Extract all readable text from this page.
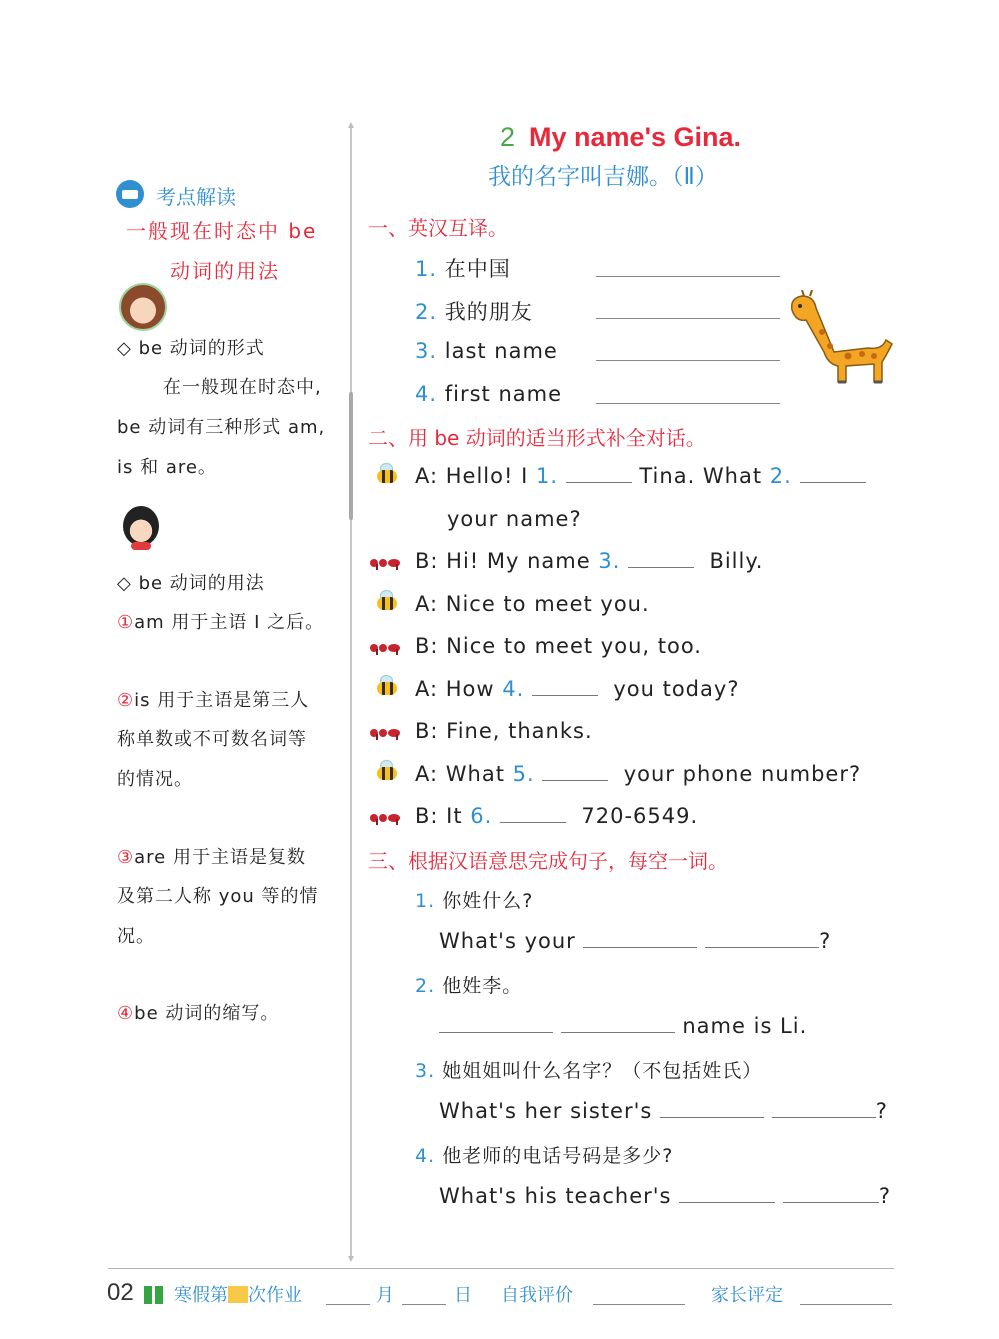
2 My name's Gina.
我的名字叫吉娜。（Ⅱ）
考点解读
一般现在时态中 be
动词的用法
◇ be 动词的形式
在一般现在时态中,
be 动词有三种形式 am,
is 和 are。
◇ be 动词的用法
①am 用于主语 I 之后。
②is 用于主语是第三人
称单数或不可数名词等
的情况。
③are 用于主语是复数
及第二人称 you 等的情
况。
④be 动词的缩写。
一、英汉互译。
1. 在中国
2. 我的朋友
3. last name
4. first name
二、用 be 动词的适当形式补全对话。
A: Hello! I 1.	Tina. What 2.
your name?
B: Hi! My name 3.	Billy.
A: Nice to meet you.
B: Nice to meet you, too.
A: How 4.	you today?
B: Fine, thanks.
A: What 5.	your phone number?
B: It 6.	720-6549.
三、根据汉语意思完成句子，每空一词。
1. 你姓什么?
What's your	?
2. 他姓李。
name is Li.
3. 她姐姐叫什么名字？（不包括姓氏）
What's her sister's	?
4. 他老师的电话号码是多少?
What's his teacher's	?
02 寒假第 次作业	月	日 自我评价	家长评定
